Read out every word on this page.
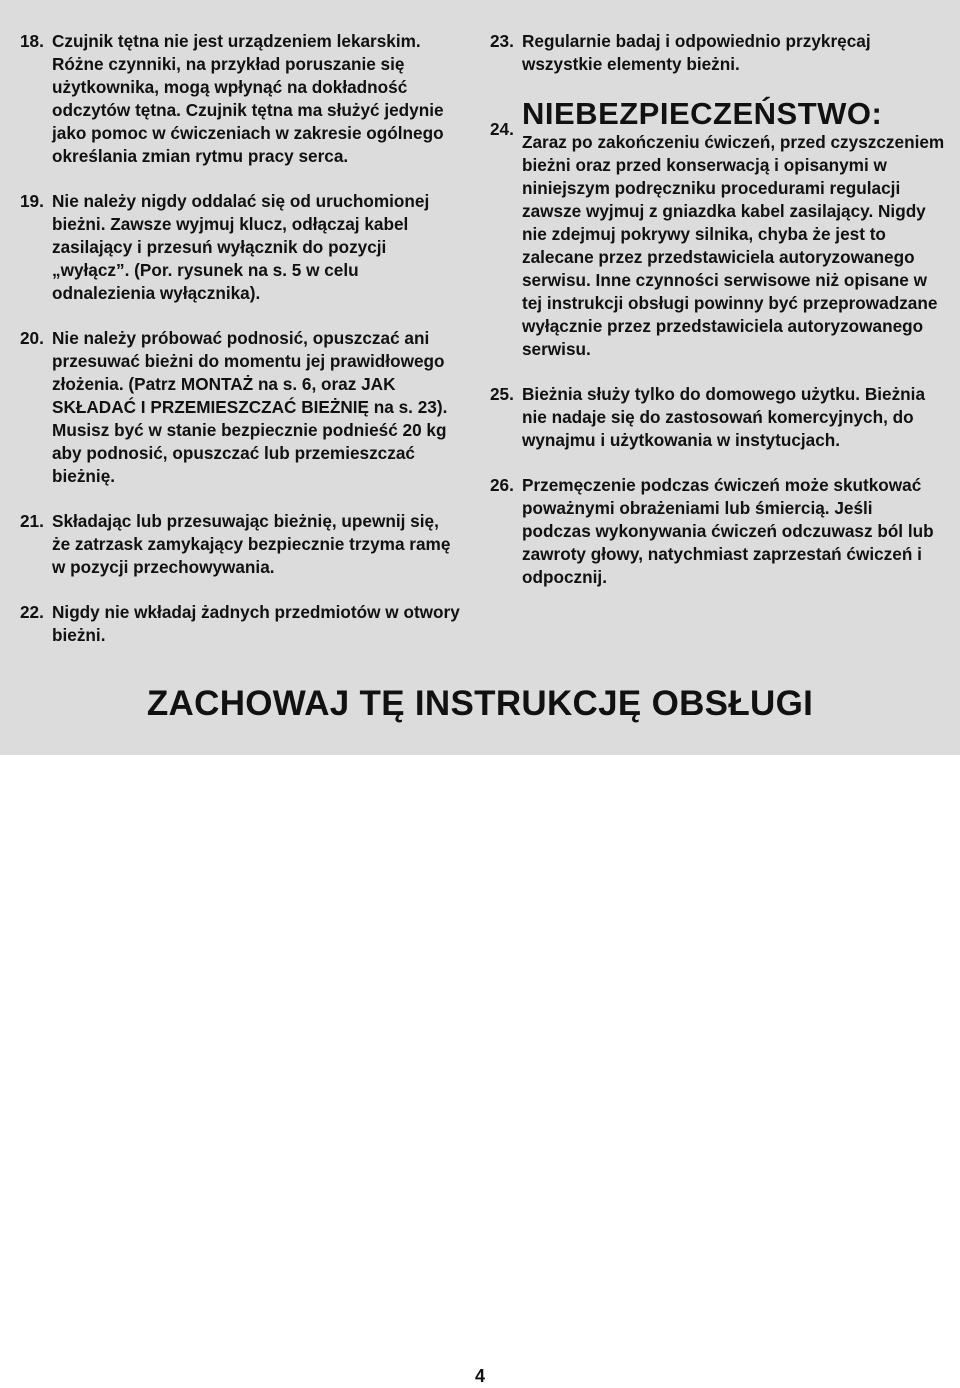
18. Czujnik tętna nie jest urządzeniem lekarskim. Różne czynniki, na przykład poruszanie się użytkownika, mogą wpłynąć na dokładność odczytów tętna. Czujnik tętna ma służyć jedynie jako pomoc w ćwiczeniach w zakresie ogólnego określania zmian rytmu pracy serca.
19. Nie należy nigdy oddalać się od uruchomionej bieżni. Zawsze wyjmuj klucz, odłączaj kabel zasilający i przesuń wyłącznik do pozycji „wyłącz”. (Por. rysunek na s. 5 w celu odnalezienia wyłącznika).
20. Nie należy próbować podnosić, opuszczać ani przesuwać bieżni do momentu jej prawidłowego złożenia. (Patrz MONTAŻ na s. 6, oraz JAK SKŁADAĆ I PRZEMIESZCZAĆ BIEŻNIĘ na s. 23). Musisz być w stanie bezpiecznie podnieść 20 kg aby podnosić, opuszczać lub przemieszczać bieżnię.
21. Składając lub przesuwając bieżnię, upewnij się, że zatrzask zamykający bezpiecznie trzyma ramę w pozycji przechowywania.
22. Nigdy nie wkładaj żadnych przedmiotów w otwory bieżni.
23. Regularnie badaj i odpowiednio przykręcaj wszystkie elementy bieżni.
24. NIEBEZPIECZEŃSTWO:
Zaraz po zakończeniu ćwiczeń, przed czyszczeniem bieżni oraz przed konserwacją i opisanymi w niniejszym podręczniku procedurami regulacji zawsze wyjmuj z gniazdka kabel zasilający. Nigdy nie zdejmuj pokrywy silnika, chyba że jest to zalecane przez przedstawiciela autoryzowanego serwisu. Inne czynności serwisowe niż opisane w tej instrukcji obsługi powinny być przeprowadzane wyłącznie przez przedstawiciela autoryzowanego serwisu.
25. Bieżnia służy tylko do domowego użytku. Bieżnia nie nadaje się do zastosowań komercyjnych, do wynajmu i użytkowania w instytucjach.
26. Przemęczenie podczas ćwiczeń może skutkować poważnymi obrażeniami lub śmiercią. Jeśli podczas wykonywania ćwiczeń odczuwasz ból lub zawroty głowy, natychmiast zaprzestań ćwiczeń i odpocznij.
ZACHOWAJ TĘ INSTRUKCJĘ OBSŁUGI
4
